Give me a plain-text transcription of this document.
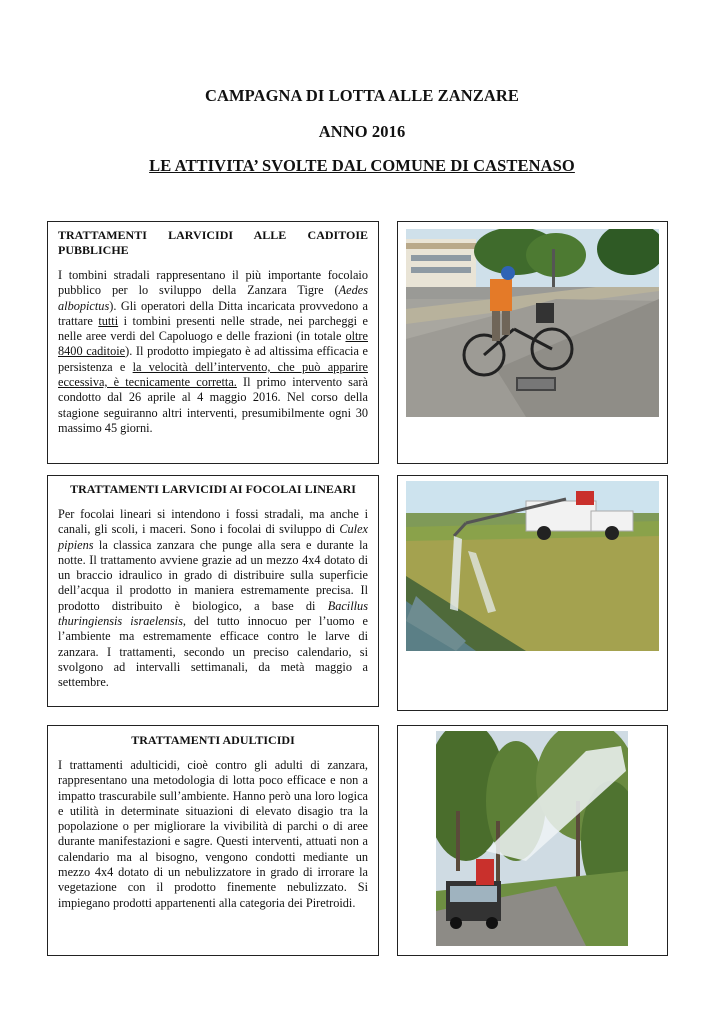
CAMPAGNA DI LOTTA ALLE ZANZARE
ANNO 2016
LE ATTIVITA’ SVOLTE DAL COMUNE DI CASTENASO

TRATTAMENTI LARVICIDI ALLE CADITOIE PUBBLICHE

I tombini stradali rappresentano il più importante focolaio pubblico per lo sviluppo della Zanzara Tigre (Aedes albopictus). Gli operatori della Ditta incaricata provvedono a trattare tutti i tombini presenti nelle strade, nei parcheggi e nelle aree verdi del Capoluogo e delle frazioni (in totale oltre 8400 caditoie). Il prodotto impiegato è ad altissima efficacia e persistenza e la velocità dell’intervento, che può apparire eccessiva, è tecnicamente corretta. Il primo intervento sarà condotto dal 26 aprile al 4 maggio 2016. Nel corso della stagione seguiranno altri interventi, presumibilmente ogni 30 massimo 45 giorni.

TRATTAMENTI LARVICIDI AI FOCOLAI LINEARI

Per focolai lineari si intendono i fossi stradali, ma anche i canali, gli scoli, i maceri. Sono i focolai di sviluppo di Culex pipiens la classica zanzara che punge alla sera e durante la notte. Il trattamento avviene grazie ad un mezzo 4x4 dotato di un braccio idraulico in grado di distribuire sulla superficie dell’acqua il prodotto in maniera estremamente precisa. Il prodotto distribuito è biologico, a base di Bacillus thuringiensis israelensis, del tutto innocuo per l’uomo e l’ambiente ma estremamente efficace contro le larve di zanzara. I trattamenti, secondo un preciso calendario, si svolgono ad intervalli settimanali, da metà maggio a settembre.

TRATTAMENTI ADULTICIDI

I trattamenti adulticidi, cioè contro gli adulti di zanzara, rappresentano una metodologia di lotta poco efficace e non a impatto trascurabile sull’ambiente. Hanno però una loro logica e utilità in determinate situazioni di elevato disagio tra la popolazione o per migliorare la vivibilità di parchi o di aree durante manifestazioni e sagre. Questi interventi, attuati non a calendario ma al bisogno, vengono condotti mediante un mezzo 4x4 dotato di un nebulizzatore in grado di irrorare la vegetazione con il prodotto finemente nebulizzato. Si impiegano prodotti appartenenti alla categoria dei Piretroidi.
